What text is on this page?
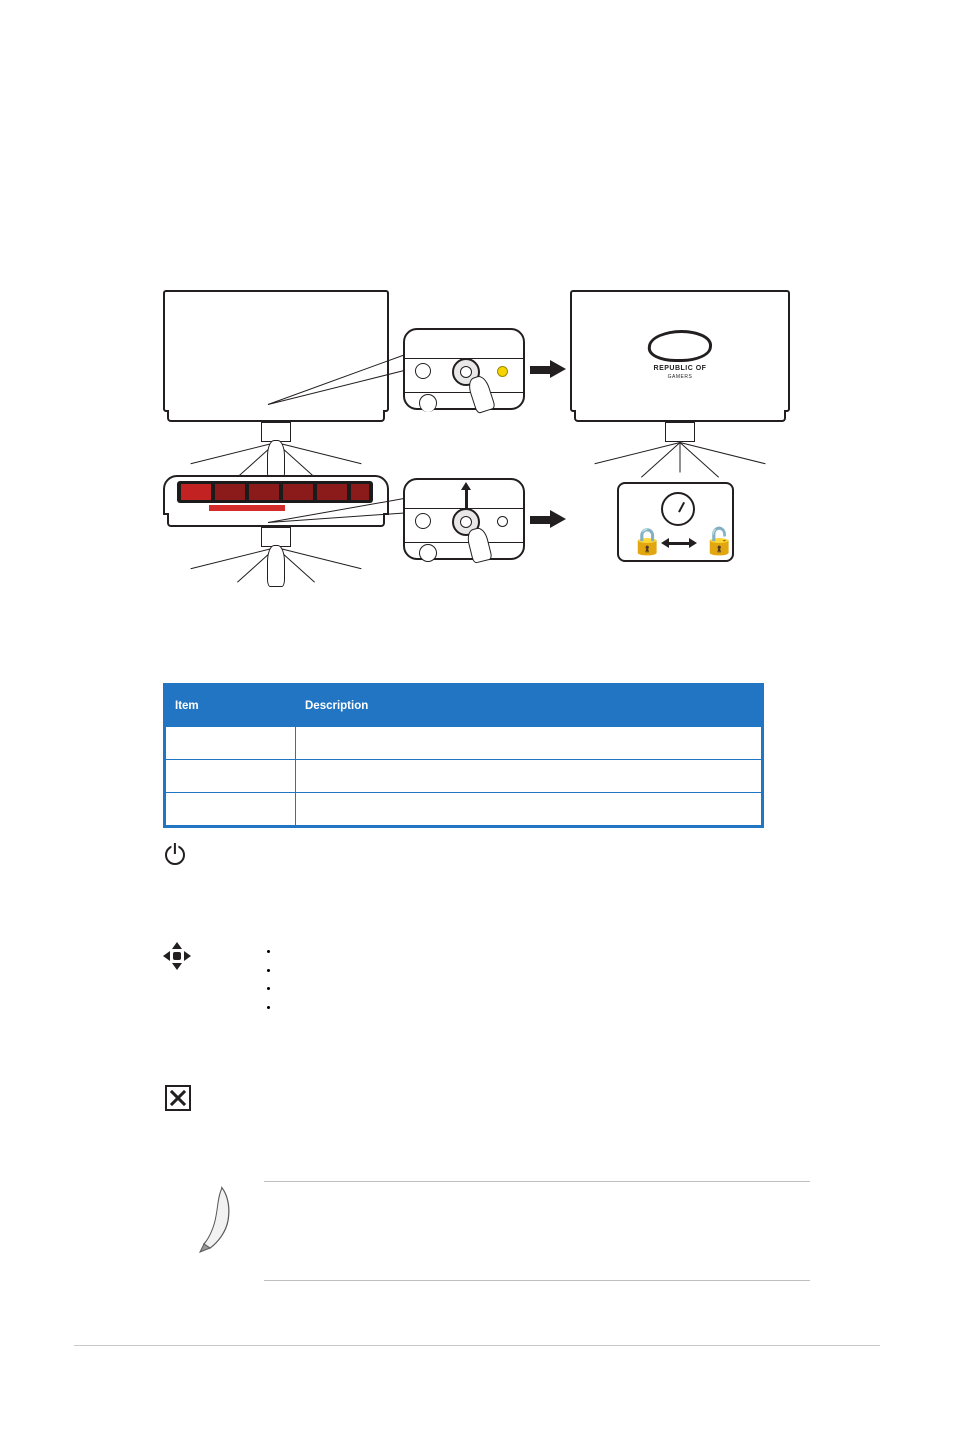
REPUBLIC OF
GAMERS
🔒 🔓
Item	Description

•
•
•
•
